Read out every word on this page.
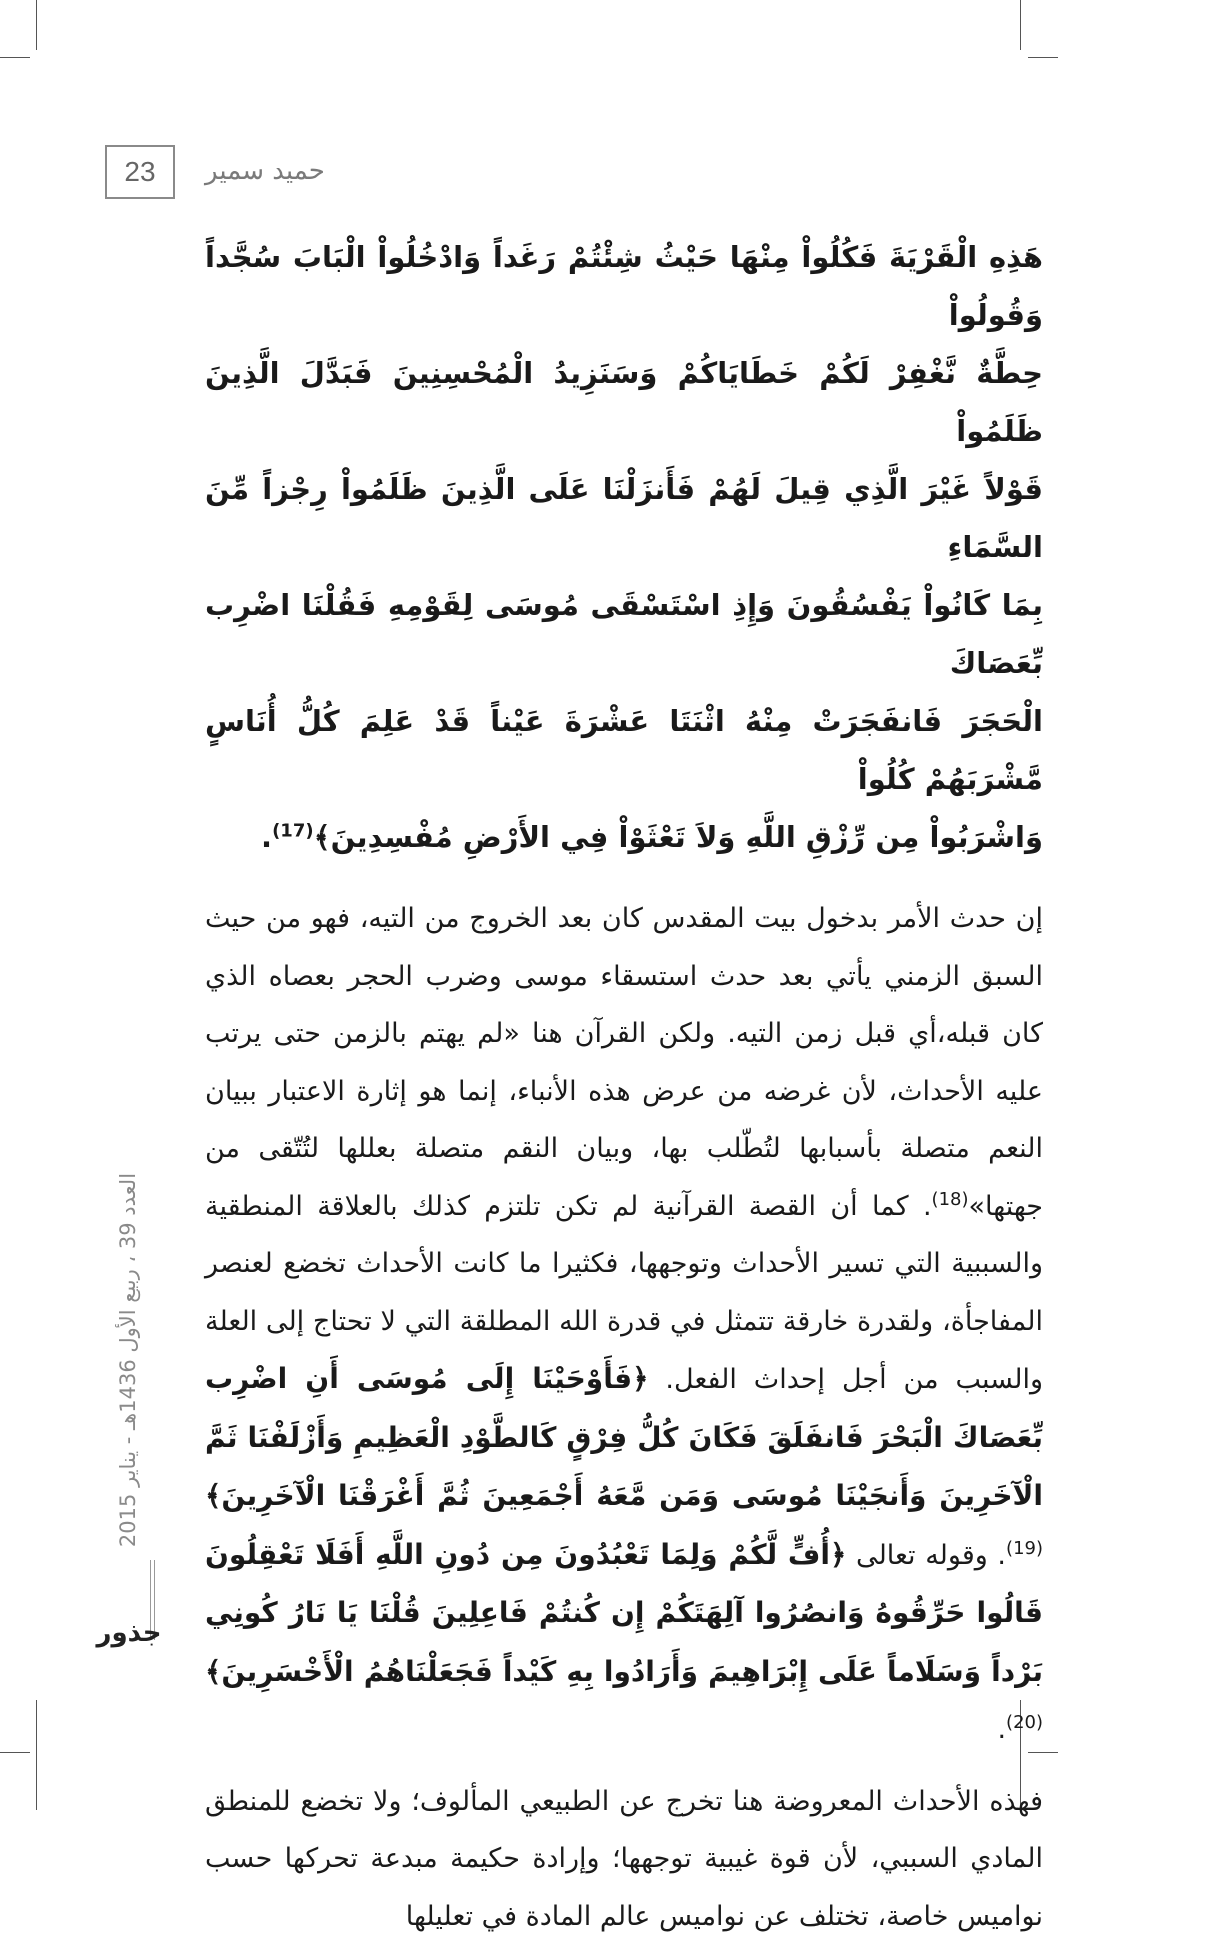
23	حميد سمير
هَذِهِ الْقَرْيَةَ فَكُلُواْ مِنْهَا حَيْثُ شِئْتُمْ رَغَداً وَادْخُلُواْ الْبَابَ سُجَّداً وَقُولُواْ
حِطَّةٌ نَّغْفِرْ لَكُمْ خَطَايَاكُمْ وَسَنَزِيدُ الْمُحْسِنِينَ فَبَدَّلَ الَّذِينَ ظَلَمُواْ
قَوْلاً غَيْرَ الَّذِي قِيلَ لَهُمْ فَأَنزَلْنَا عَلَى الَّذِينَ ظَلَمُواْ رِجْزاً مِّنَ السَّمَاءِ
بِمَا كَانُواْ يَفْسُقُونَ وَإِذِ اسْتَسْقَى مُوسَى لِقَوْمِهِ فَقُلْنَا اضْرِب بِّعَصَاكَ
الْحَجَرَ فَانفَجَرَتْ مِنْهُ اثْنَتَا عَشْرَةَ عَيْناً قَدْ عَلِمَ كُلُّ أُنَاسٍ مَّشْرَبَهُمْ كُلُواْ
وَاشْرَبُواْ مِن رِّزْقِ اللَّهِ وَلاَ تَعْثَوْاْ فِي الأَرْضِ مُفْسِدِينَ﴾$^{(17)}$.

إن حدث الأمر بدخول بيت المقدس كان بعد الخروج من التيه، فهو من حيث السبق الزمني يأتي بعد حدث استسقاء موسى وضرب الحجر بعصاه الذي كان قبله،أي قبل زمن التيه. ولكن القرآن هنا «لم يهتم بالزمن حتى يرتب عليه الأحداث، لأن غرضه من عرض هذه الأنباء، إنما هو إثارة الاعتبار ببيان النعم متصلة بأسبابها لتُطّلب بها، وبيان النقم متصلة بعللها لتُتّقى من جهتها»$^{(18)}$. كما أن القصة القرآنية لم تكن تلتزم كذلك بالعلاقة المنطقية والسببية التي تسير الأحداث وتوجهها، فكثيرا ما كانت الأحداث تخضع لعنصر المفاجأة، ولقدرة خارقة تتمثل في قدرة الله المطلقة التي لا تحتاج إلى العلة والسبب من أجل إحداث الفعل. ﴿فَأَوْحَيْنَا إِلَى مُوسَى أَنِ اضْرِب بِّعَصَاكَ الْبَحْرَ فَانفَلَقَ فَكَانَ كُلُّ فِرْقٍ كَالطَّوْدِ الْعَظِيمِ وَأَزْلَفْنَا ثَمَّ الْآخَرِينَ وَأَنجَيْنَا مُوسَى وَمَن مَّعَهُ أَجْمَعِينَ ثُمَّ أَغْرَقْنَا الْآخَرِينَ﴾$^{(19)}$. وقوله تعالى ﴿أُفٍّ لَّكُمْ وَلِمَا تَعْبُدُونَ مِن دُونِ اللَّهِ أَفَلَا تَعْقِلُونَ قَالُوا حَرِّقُوهُ وَانصُرُوا آلِهَتَكُمْ إِن كُنتُمْ فَاعِلِينَ قُلْنَا يَا نَارُ كُونِي بَرْداً وَسَلَاماً عَلَى إِبْرَاهِيمَ وَأَرَادُوا بِهِ كَيْداً فَجَعَلْنَاهُمُ الْأَخْسَرِينَ﴾$^{(20)}$.

فهذه الأحداث المعروضة هنا تخرج عن الطبيعي المألوف؛ ولا تخضع للمنطق المادي السببي، لأن قوة غيبية توجهها؛ وإرادة حكيمة مبدعة تحركها حسب نواميس خاصة، تختلف عن نواميس عالم المادة في تعليلها

العدد 39 ، ربيع الأول 1436هـ - يناير 2015
جذور
